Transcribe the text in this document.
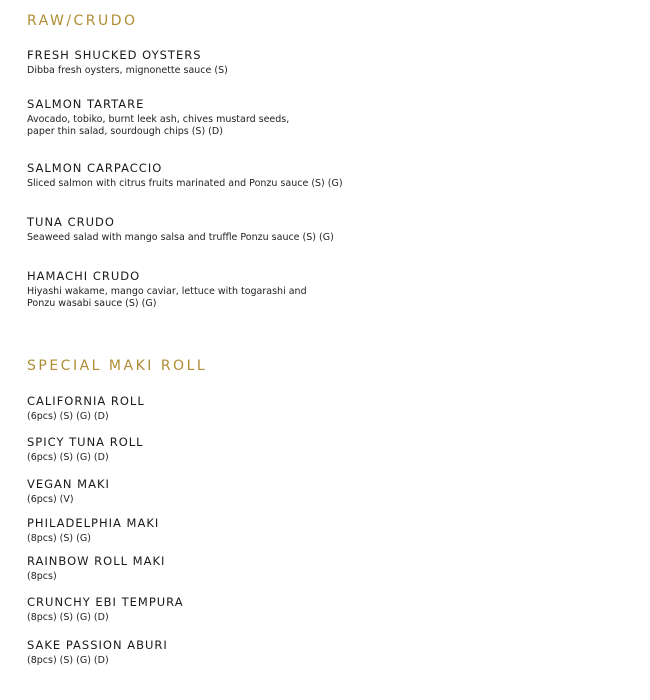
RAW/CRUDO
FRESH SHUCKED OYSTERS
Dibba fresh oysters, mignonette sauce (S)
SALMON TARTARE
Avocado, tobiko, burnt leek ash, chives mustard seeds,
paper thin salad, sourdough chips (S) (D)
SALMON CARPACCIO
Sliced salmon with citrus fruits marinated and Ponzu sauce (S) (G)
TUNA CRUDO
Seaweed salad with mango salsa and truffle Ponzu sauce (S) (G)
HAMACHI CRUDO
Hiyashi wakame, mango caviar, lettuce with togarashi and
Ponzu wasabi sauce (S) (G)
SPECIAL MAKI ROLL
CALIFORNIA ROLL
(6pcs) (S) (G) (D)
SPICY TUNA ROLL
(6pcs) (S) (G) (D)
VEGAN MAKI
(6pcs) (V)
PHILADELPHIA MAKI
(8pcs) (S) (G)
RAINBOW ROLL MAKI
(8pcs)
CRUNCHY EBI TEMPURA
(8pcs) (S) (G) (D)
SAKE PASSION ABURI
(8pcs) (S) (G) (D)
